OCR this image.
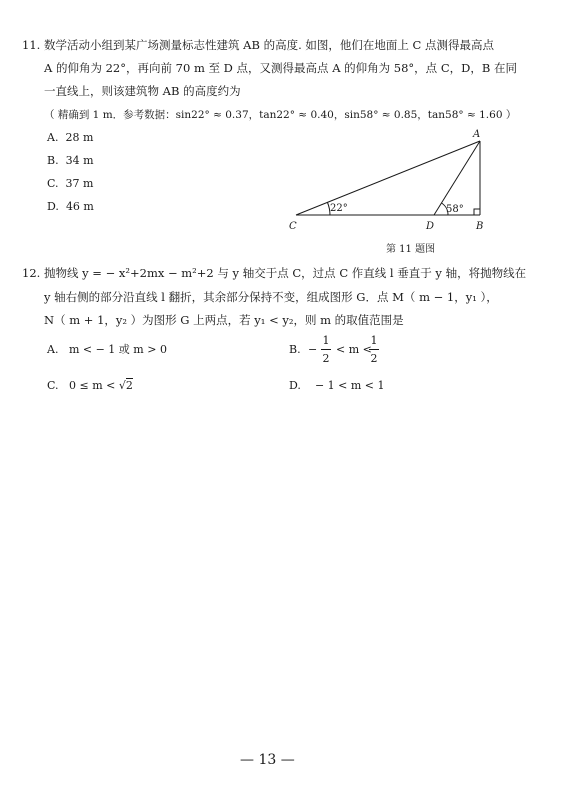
11. 数学活动小组到某广场测量标志性建筑 AB 的高度. 如图，他们在地面上 C 点测得最高点
A 的仰角为 22°，再向前 70 m 至 D 点，又测得最高点 A 的仰角为 58°，点 C，D，B 在同
一直线上，则该建筑物 AB 的高度约为
（ 精确到 1 m．参考数据：sin22° ≈ 0.37，tan22° ≈ 0.40，sin58° ≈ 0.85，tan58° ≈ 1.60 ）
A. 28 m
B. 34 m
C. 37 m
D. 46 m
A
C	D	B
22°	58°
第 11 题图
12. 抛物线 y = − x²+2mx − m²+2 与 y 轴交于点 C，过点 C 作直线 l 垂直于 y 轴，将抛物线在
y 轴右侧的部分沿直线 l 翻折，其余部分保持不变，组成图形 G．点 M（ m − 1，y₁ ），
N（ m + 1，y₂ ）为图形 G 上两点，若 y₁ < y₂，则 m 的取值范围是
A. m < − 1 或 m > 0	B. −
1
2
< m <
1
2
C. 0 ≤ m < √2	D. − 1 < m < 1
— 13 —
